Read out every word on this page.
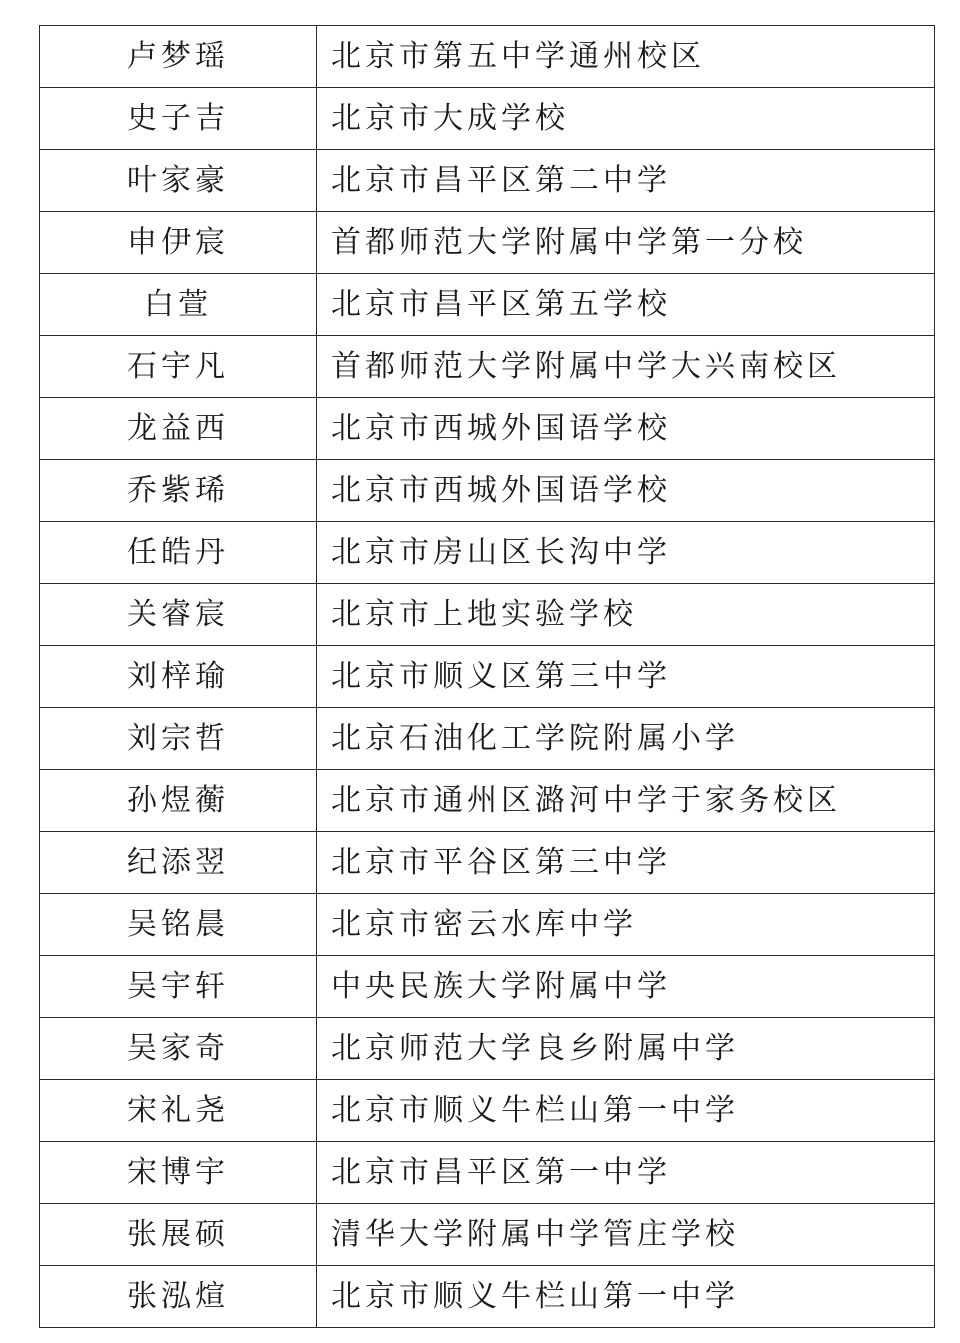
卢梦瑶	北京市第五中学通州校区
史子吉	北京市大成学校
叶家豪	北京市昌平区第二中学
申伊宸	首都师范大学附属中学第一分校
白萱	北京市昌平区第五学校
石宇凡	首都师范大学附属中学大兴南校区
龙益西	北京市西城外国语学校
乔紫琋	北京市西城外国语学校
任皓丹	北京市房山区长沟中学
关睿宸	北京市上地实验学校
刘梓瑜	北京市顺义区第三中学
刘宗哲	北京石油化工学院附属小学
孙煜蘅	北京市通州区潞河中学于家务校区
纪添翌	北京市平谷区第三中学
吴铭晨	北京市密云水库中学
吴宇轩	中央民族大学附属中学
吴家奇	北京师范大学良乡附属中学
宋礼尧	北京市顺义牛栏山第一中学
宋博宇	北京市昌平区第一中学
张展硕	清华大学附属中学管庄学校
张泓煊	北京市顺义牛栏山第一中学
